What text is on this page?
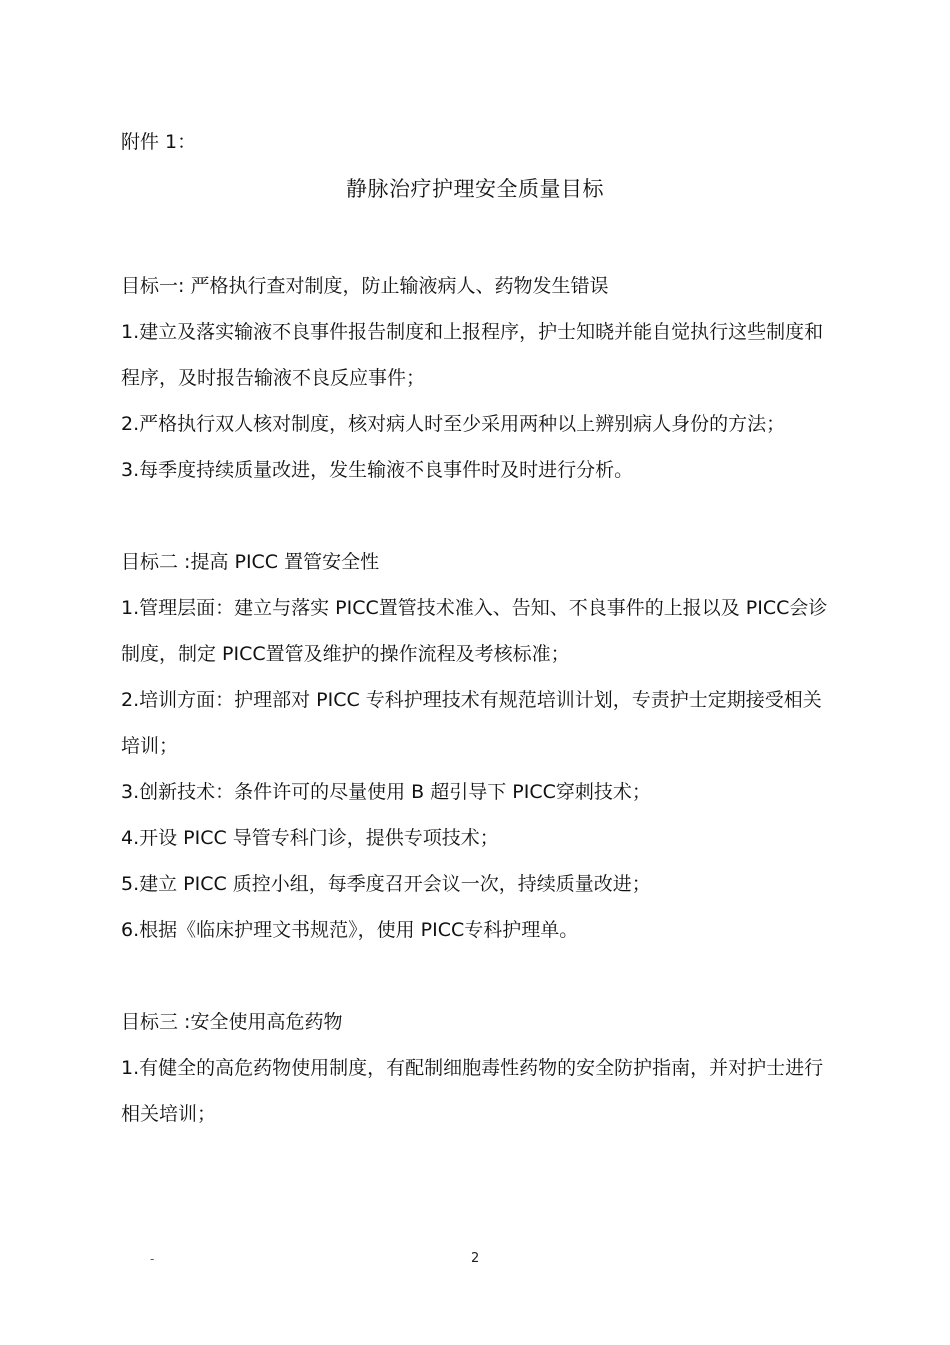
附件 1：
静脉治疗护理安全质量目标

目标一: 严格执行查对制度，防止输液病人、药物发生错误

1.建立及落实输液不良事件报告制度和上报程序，护士知晓并能自觉执行这些制度和程序，及时报告输液不良反应事件；

2.严格执行双人核对制度，核对病人时至少采用两种以上辨别病人身份的方法；

3.每季度持续质量改进，发生输液不良事件时及时进行分析。

目标二 :提高 PICC 置管安全性

1.管理层面：建立与落实 PICC置管技术准入、告知、不良事件的上报以及 PICC会诊制度，制定 PICC置管及维护的操作流程及考核标准；

2.培训方面：护理部对 PICC 专科护理技术有规范培训计划，专责护士定期接受相关培训；

3.创新技术：条件许可的尽量使用 B 超引导下 PICC穿刺技术；

4.开设 PICC 导管专科门诊，提供专项技术；

5.建立 PICC 质控小组，每季度召开会议一次，持续质量改进；

6.根据《临床护理文书规范》，使用 PICC专科护理单。

目标三 :安全使用高危药物

1.有健全的高危药物使用制度，有配制细胞毒性药物的安全防护指南，并对护士进行相关培训；

-	2
